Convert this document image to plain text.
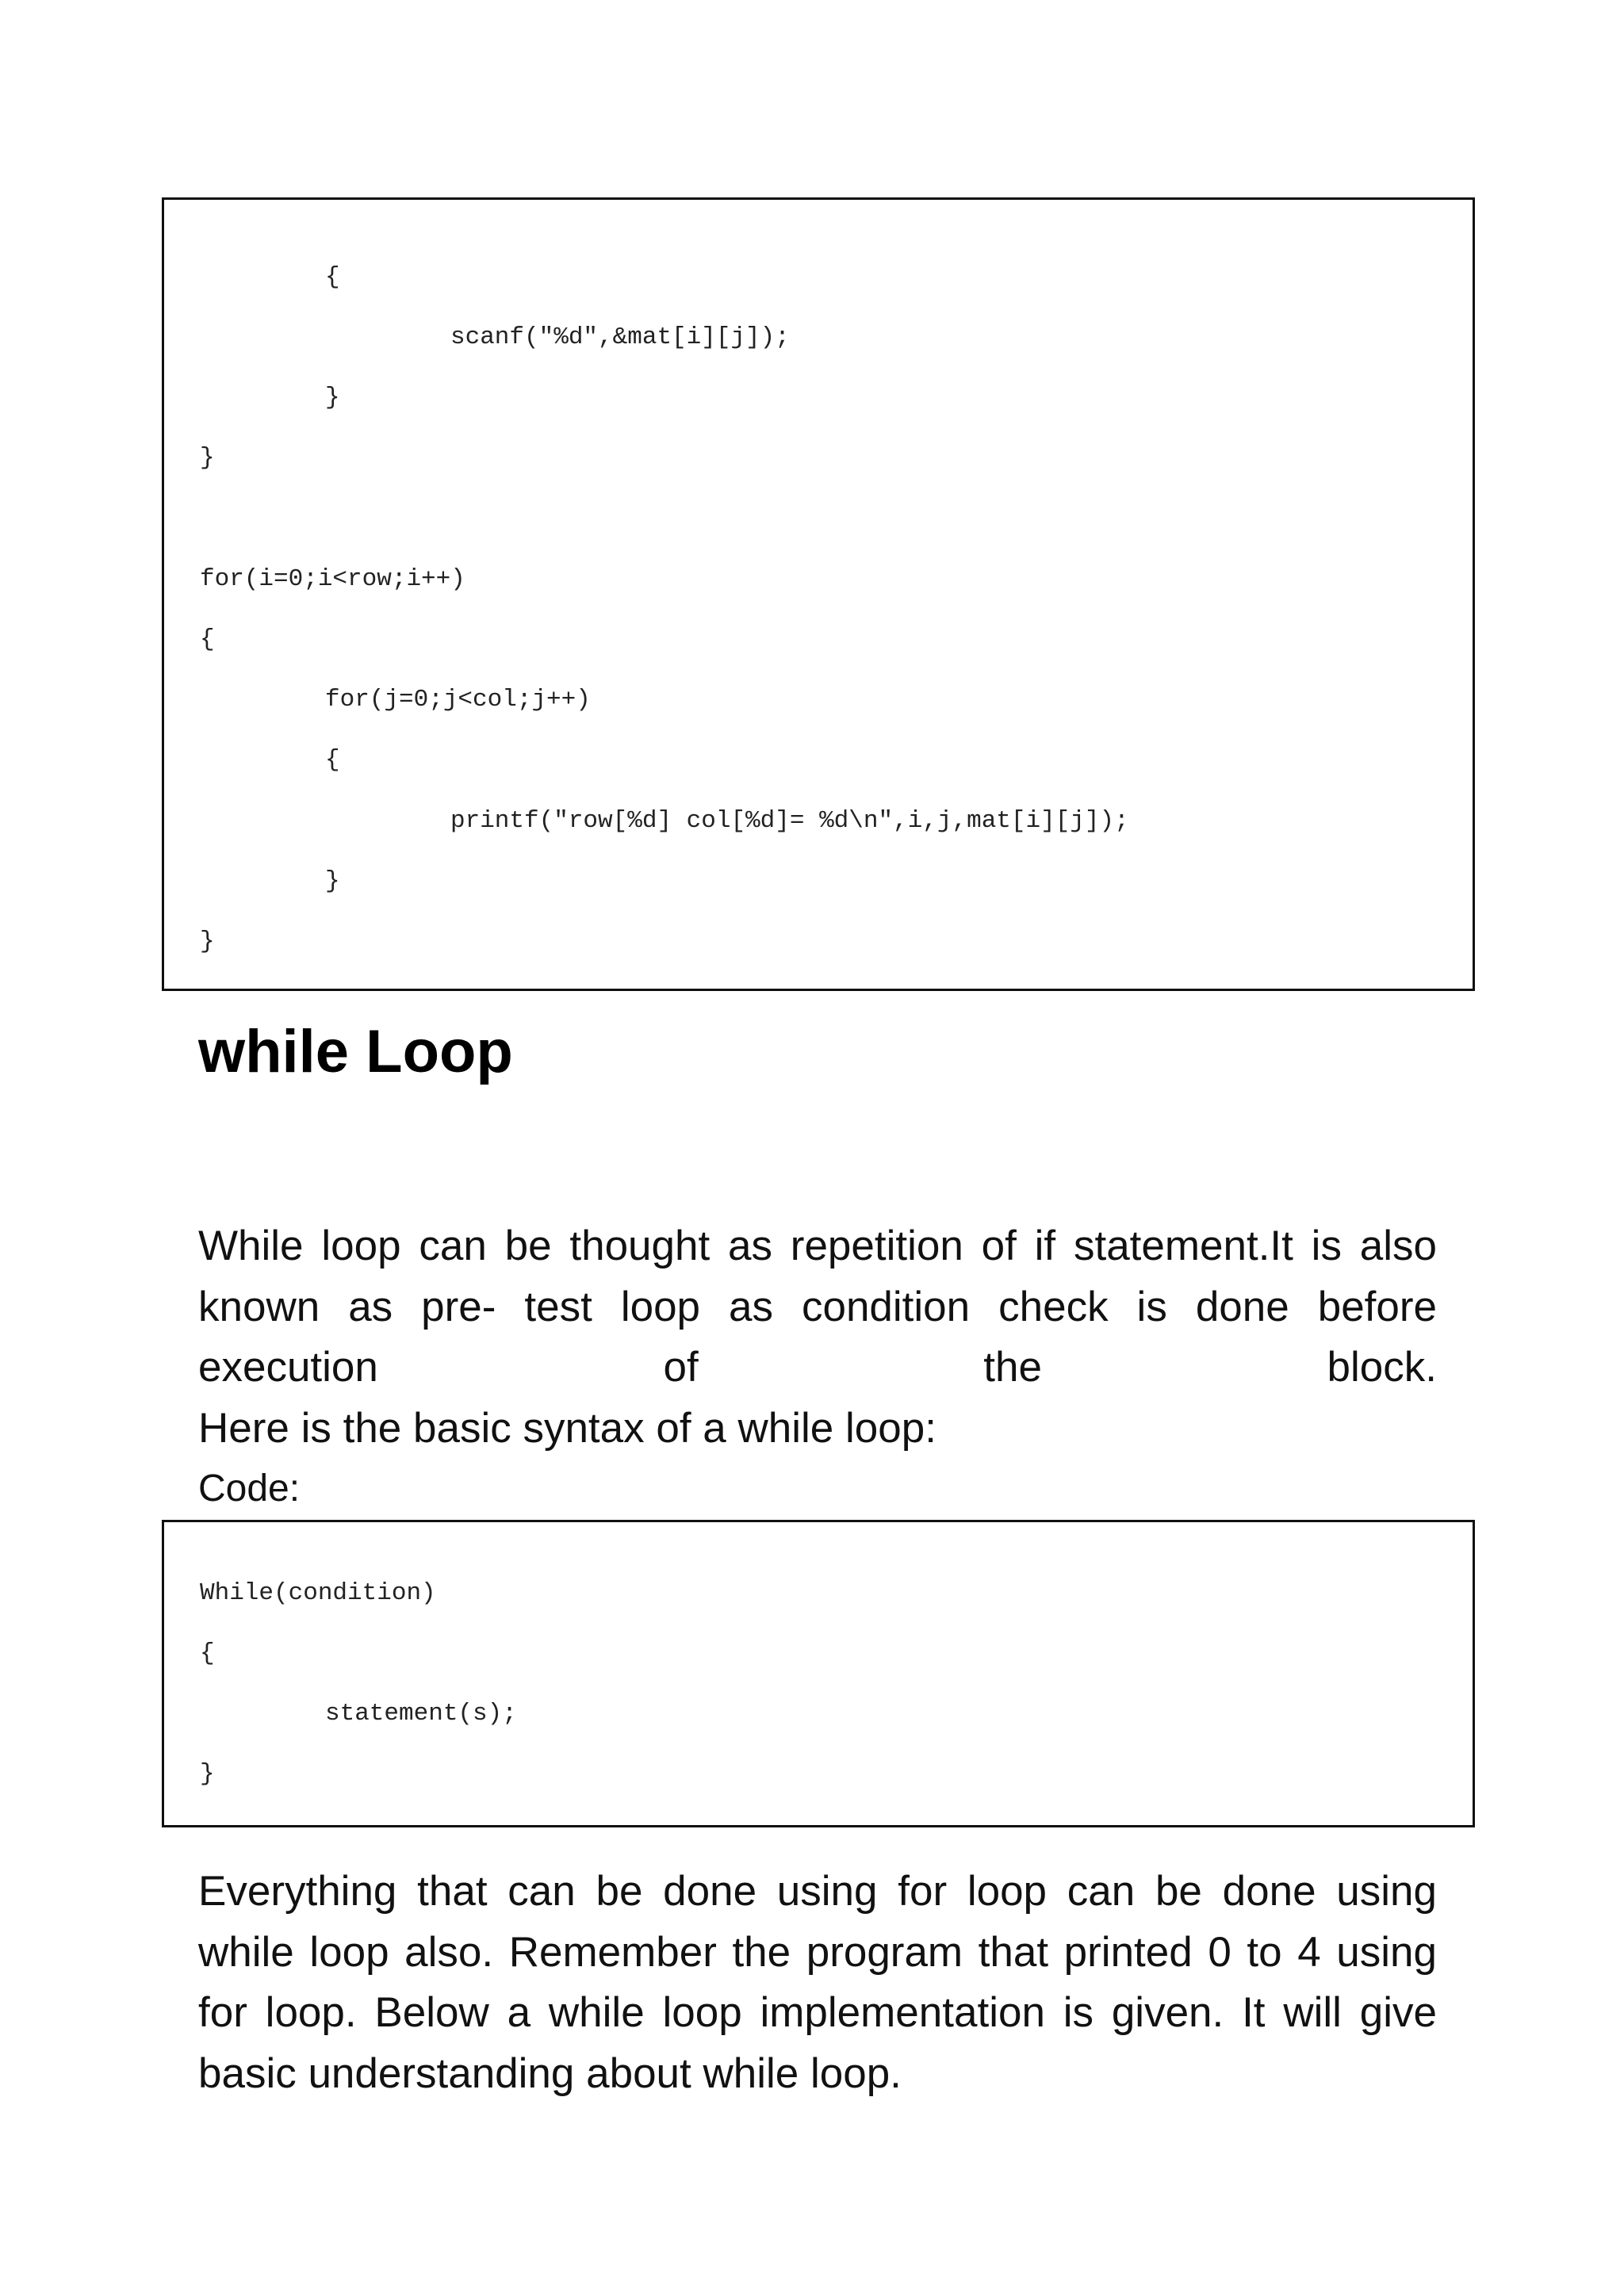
{
scanf("%d",&mat[i][j]);
}
}
for(i=0;i<row;i++)
{
for(j=0;j<col;j++)
{
printf("row[%d] col[%d]= %d\n",i,j,mat[i][j]);
}
}
while Loop
While loop can be thought as repetition of if statement.It is also
known as pre- test loop as condition check is done before
execution of the block.
Here is the basic syntax of a while loop:
Code:
While(condition)
{
statement(s);
}

Everything that can be done using for loop can be done using while loop also. Remember the program that printed 0 to 4 using for loop. Below a while loop implementation is given. It will give basic understanding about while loop.
